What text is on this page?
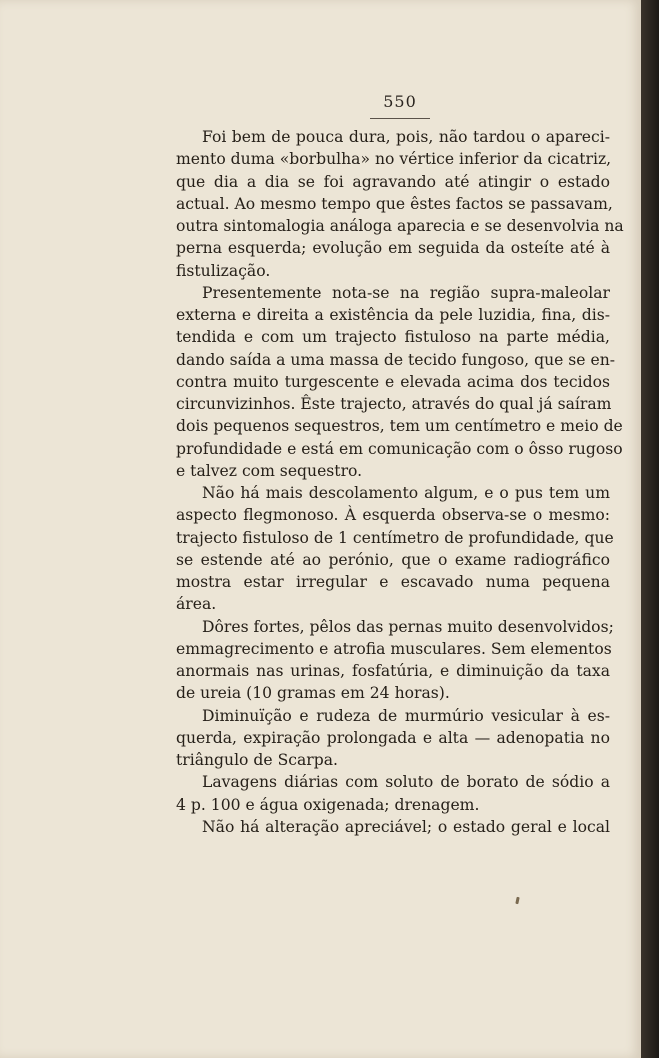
550
Foi bem de pouca dura, pois, não tardou o apareci-
mento duma «borbulha» no vértice inferior da cicatriz,
que dia a dia se foi agravando até atingir o estado
actual. Ao mesmo tempo que êstes factos se passavam,
outra sintomalogia análoga aparecia e se desenvolvia na
perna esquerda; evolução em seguida da osteíte até à
fistulização.
Presentemente nota-se na região supra-maleolar
externa e direita a existência da pele luzidia, fina, dis-
tendida e com um trajecto fistuloso na parte média,
dando saída a uma massa de tecido fungoso, que se en-
contra muito turgescente e elevada acima dos tecidos
circunvizinhos. Êste trajecto, através do qual já saíram
dois pequenos sequestros, tem um centímetro e meio de
profundidade e está em comunicação com o ôsso rugoso
e talvez com sequestro.
Não há mais descolamento algum, e o pus tem um
aspecto flegmonoso. À esquerda observa-se o mesmo:
trajecto fistuloso de 1 centímetro de profundidade, que
se estende até ao perónio, que o exame radiográfico
mostra estar irregular e escavado numa pequena
área.
Dôres fortes, pêlos das pernas muito desenvolvidos;
emmagrecimento e atrofia musculares. Sem elementos
anormais nas urinas, fosfatúria, e diminuição da taxa
de ureia (10 gramas em 24 horas).
Diminuïção e rudeza de murmúrio vesicular à es-
querda, expiração prolongada e alta — adenopatia no
triângulo de Scarpa.
Lavagens diárias com soluto de borato de sódio a
4 p. 100 e água oxigenada; drenagem.
Não há alteração apreciável; o estado geral e local
